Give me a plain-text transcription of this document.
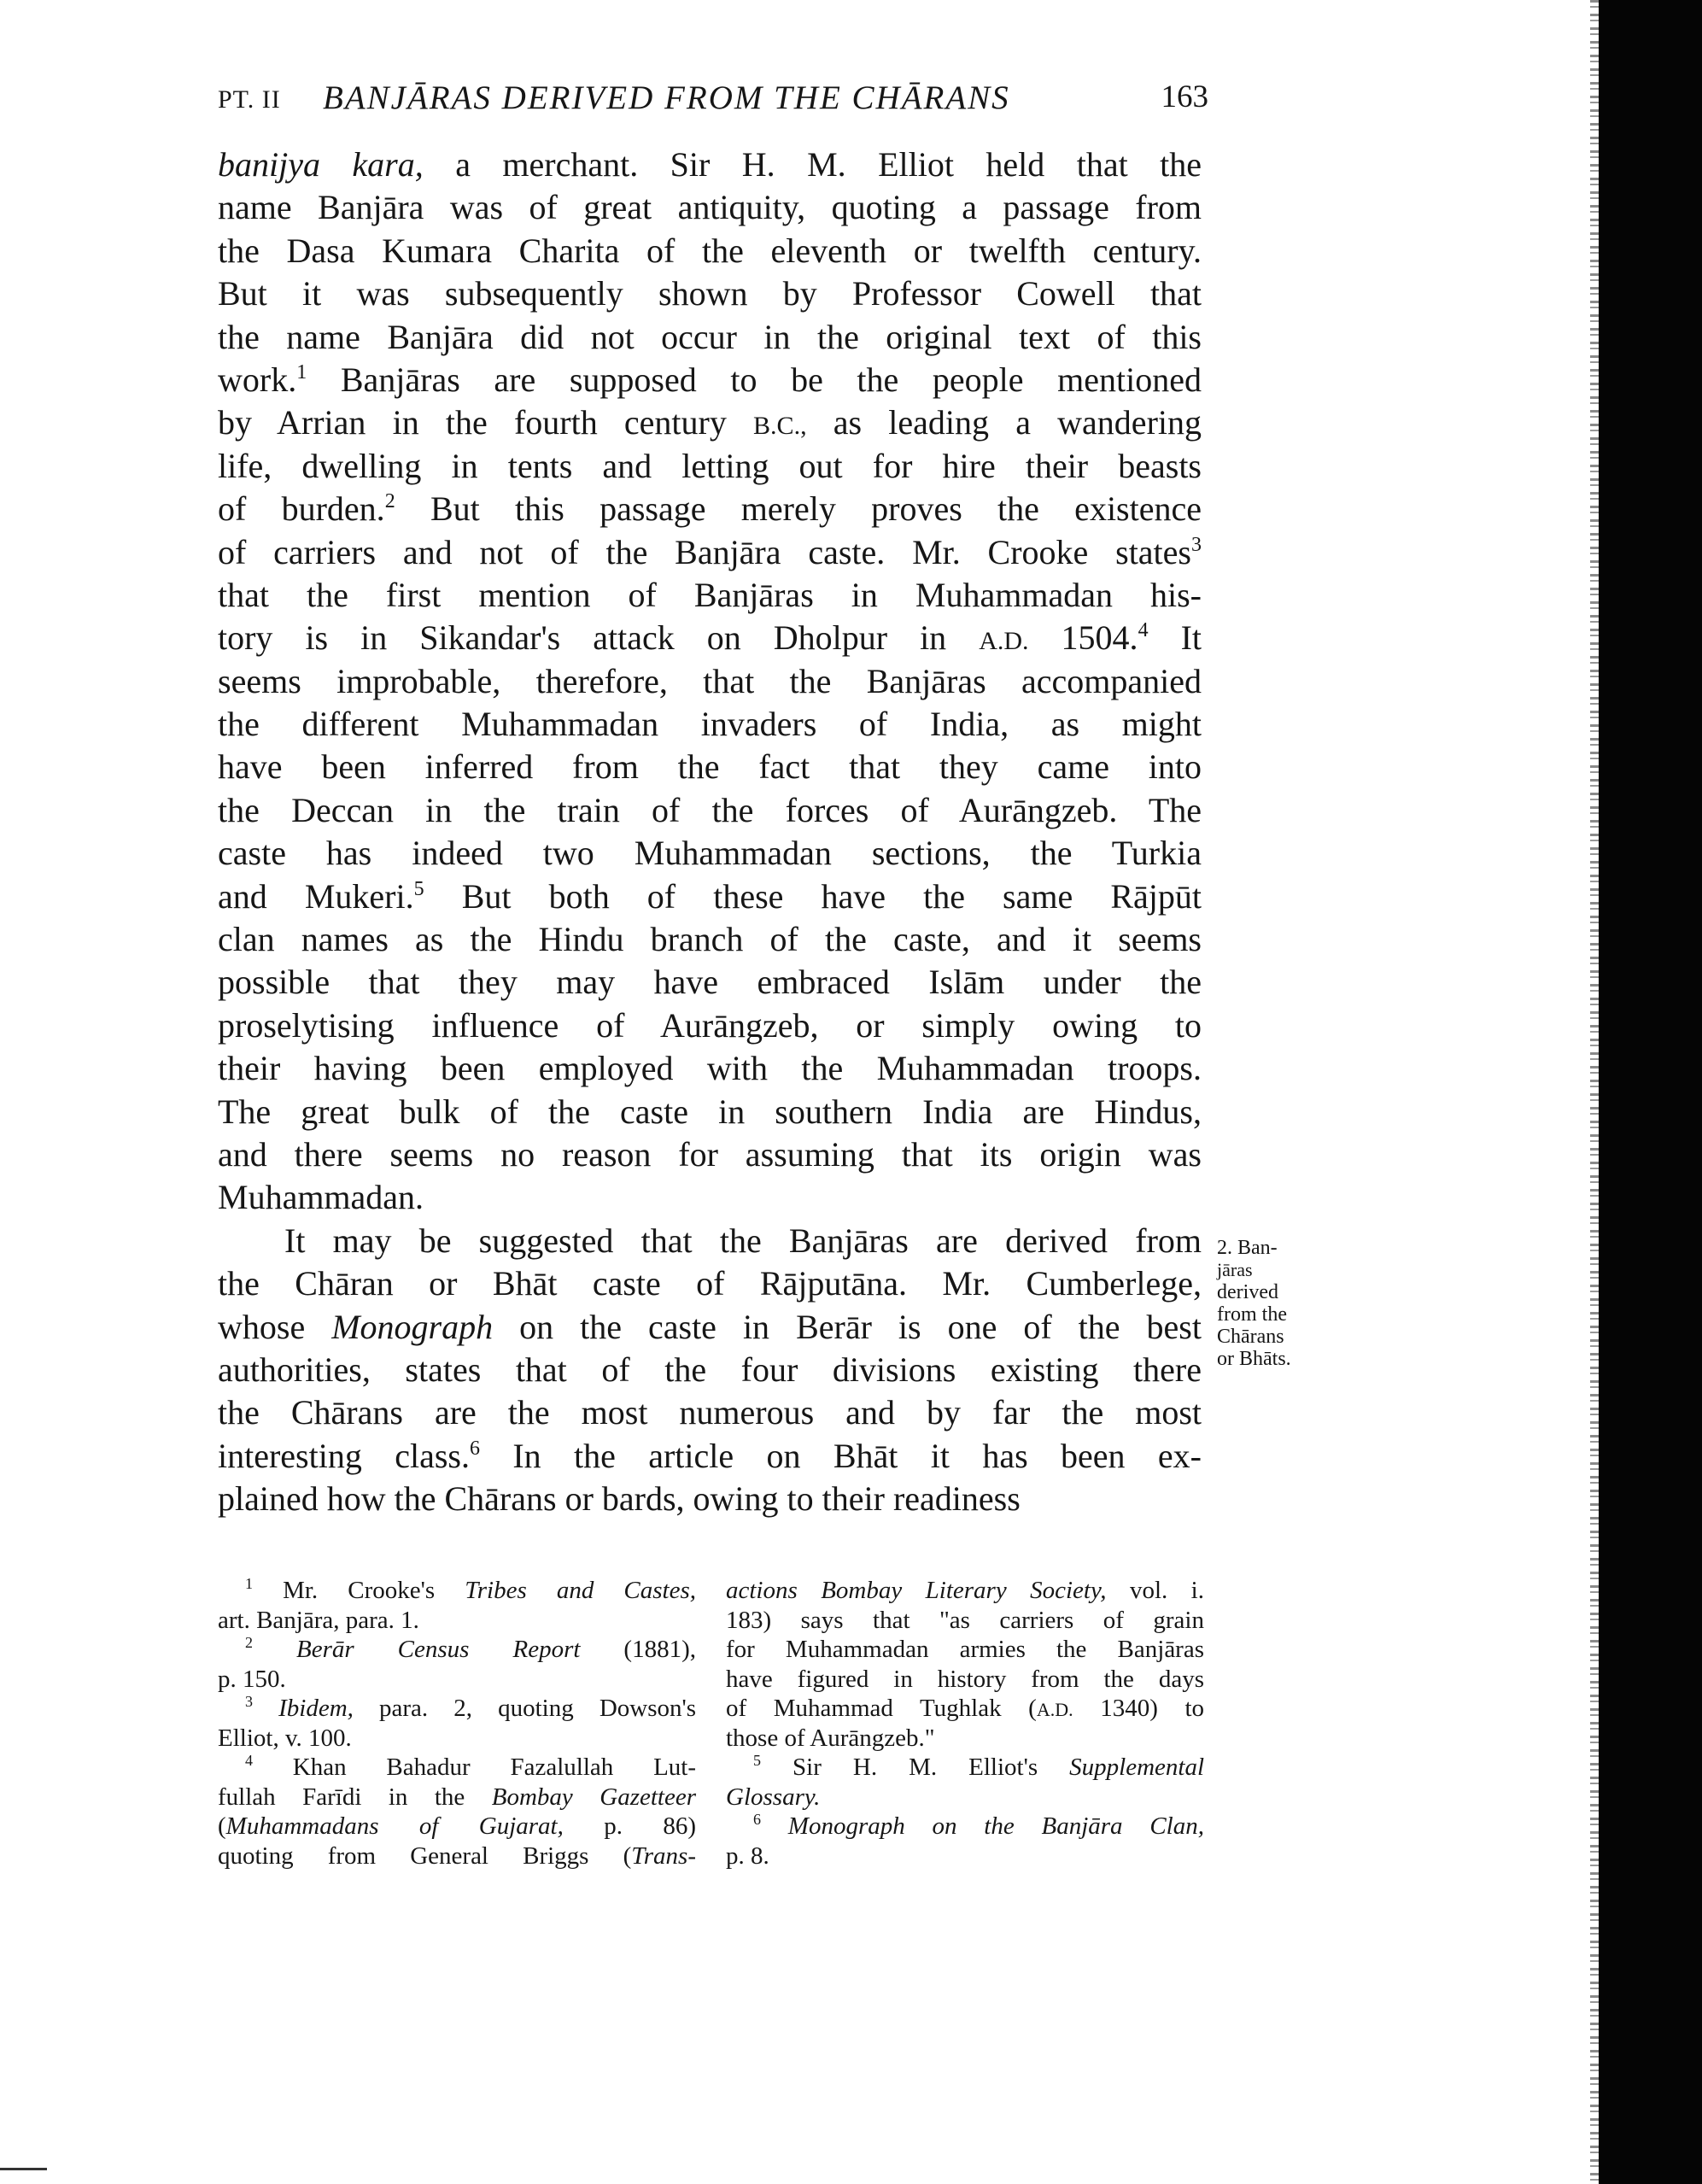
PT. II BANJĀRAS DERIVED FROM THE CHĀRANS	163
banijya kara, a merchant. Sir H. M. Elliot held that the
name Banjāra was of great antiquity, quoting a passage from
the Dasa Kumara Charita of the eleventh or twelfth century.
But it was subsequently shown by Professor Cowell that
the name Banjāra did not occur in the original text of this
work.$^1$ Banjāras are supposed to be the people mentioned
by Arrian in the fourth century B.C., as leading a wandering
life, dwelling in tents and letting out for hire their beasts
of burden.$^2$ But this passage merely proves the existence
of carriers and not of the Banjāra caste. Mr. Crooke states$^3$
that the first mention of Banjāras in Muhammadan his-
tory is in Sikandar's attack on Dholpur in A.D. 1504.$^4$ It
seems improbable, therefore, that the Banjāras accompanied
the different Muhammadan invaders of India, as might
have been inferred from the fact that they came into
the Deccan in the train of the forces of Aurāngzeb. The
caste has indeed two Muhammadan sections, the Turkia
and Mukeri.$^5$ But both of these have the same Rājpūt
clan names as the Hindu branch of the caste, and it seems
possible that they may have embraced Islām under the
proselytising influence of Aurāngzeb, or simply owing to
their having been employed with the Muhammadan troops.
The great bulk of the caste in southern India are Hindus,
and there seems no reason for assuming that its origin was
Muhammadan.
It may be suggested that the Banjāras are derived from
the Chāran or Bhāt caste of Rājputāna. Mr. Cumberlege,
whose Monograph on the caste in Berār is one of the best
authorities, states that of the four divisions existing there
the Chārans are the most numerous and by far the most
interesting class.$^6$ In the article on Bhāt it has been ex-
plained how the Chārans or bards, owing to their readiness
2. Ban-
jāras
derived
from the
Chārans
or Bhāts.
$^1$ Mr. Crooke's Tribes and Castes,
art. Banjāra, para. 1.
$^2$ Berār Census Report (1881),
p. 150.
$^3$ Ibidem, para. 2, quoting Dowson's
Elliot, v. 100.
$^4$ Khan Bahadur Fazalullah Lut-
fullah Farīdi in the Bombay Gazetteer
(Muhammadans of Gujarat, p. 86)
quoting from General Briggs (Trans-
actions Bombay Literary Society, vol. i.
183) says that "as carriers of grain
for Muhammadan armies the Banjāras
have figured in history from the days
of Muhammad Tughlak (A.D. 1340) to
those of Aurāngzeb."
$^5$ Sir H. M. Elliot's Supplemental
Glossary.
$^6$ Monograph on the Banjāra Clan,
p. 8.
